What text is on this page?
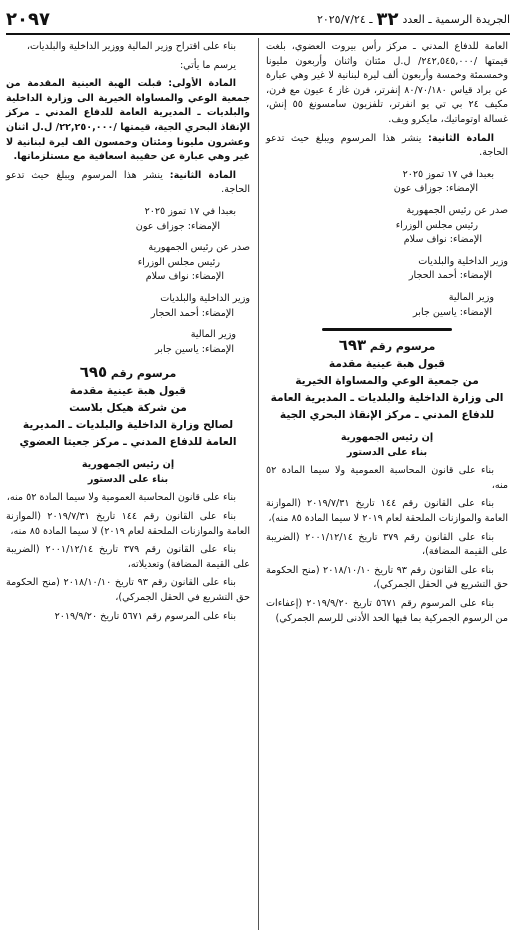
الجريدة الرسمية ـ العدد
٣٢
ـ ٢٠٢٥/٧/٢٤
٢٠٩٧

العامة للدفاع المدني ـ مركز رأس بيروت العضوي، بلغت قيمتها /٢٤٢,٥٤٥,٠٠٠/ ل.ل مئتان واثنان وأربعون مليونا وخمسمئة وخمسة وأربعون ألف ليرة لبنانية لا غير وهي عبارة عن براد قياس ٨٠/٧٠/١٨٠ إنفرتر، فرن غاز ٤ عيون مع فرن، مكيف ٢٤ بي تي يو انفرتر، تلفزيون سامسونغ ٥٥ إنش، غسالة اوتوماتيك، مايكرو ويف.

المادة الثانية: ينشر هذا المرسوم ويبلغ حيث تدعو الحاجة.

بعبدا في ١٧ تموز ٢٠٢٥

الإمضاء: جوزاف عون

صدر عن رئيس الجمهورية

رئيس مجلس الوزراء

الإمضاء: نواف سلام

وزير الداخلية والبلديات

الإمضاء: أحمد الحجار

وزير المالية

الإمضاء: ياسين جابر

مرسوم رقم ٦٩٣
قبول هبة عينية مقدمة
من جمعية الوعي والمساواة الخيرية
الى وزارة الداخلية والبلديات ـ المديرية العامة
للدفاع المدني ـ مركز الإنقاذ البحري الجية
إن رئيس الجمهورية
بناء على الدستور

بناء على قانون المحاسبة العمومية ولا سيما المادة ٥٢ منه،

بناء على القانون رقم ١٤٤ تاريخ ٢٠١٩/٧/٣١ (الموازنة العامة والموازنات الملحقة لعام ٢٠١٩ لا سيما المادة ٨٥ منه)،

بناء على القانون رقم ٣٧٩ تاريخ ٢٠٠١/١٢/١٤ (الضريبة على القيمة المضافة)،

بناء على القانون رقم ٩٣ تاريخ ٢٠١٨/١٠/١٠ (منح الحكومة حق التشريع في الحقل الجمركي)،

بناء على المرسوم رقم ٥٦٧١ تاريخ ٢٠١٩/٩/٢٠ (إعفاءات من الرسوم الجمركية بما فيها الحد الأدنى للرسم الجمركي)

بناء على اقتراح وزير المالية ووزير الداخلية والبلديات،

يرسم ما يأتي:

المادة الأولى: قبلت الهبة العينية المقدمة من جمعية الوعي والمساواة الخيرية الى وزارة الداخلية والبلديات ـ المديرية العامة للدفاع المدني ـ مركز الإنقاذ البحري الجية، قيمتها /٢٢,٢٥٠,٠٠٠/ ل.ل اثنان وعشرون مليونا ومئتان وخمسون الف ليرة لبنانية لا غير وهي عبارة عن حقيبة اسعافية مع مستلزماتها.

المادة الثانية: ينشر هذا المرسوم ويبلغ حيث تدعو الحاجة.

بعبدا في ١٧ تموز ٢٠٢٥

الإمضاء: جوزاف عون

صدر عن رئيس الجمهورية

رئيس مجلس الوزراء

الإمضاء: نواف سلام

وزير الداخلية والبلديات

الإمضاء: أحمد الحجار

وزير المالية

الإمضاء: ياسين جابر

مرسوم رقم ٦٩٥
قبول هبة عينية مقدمة
من شركة هيكل بلاست
لصالح وزارة الداخلية والبلديات ـ المديرية
العامة للدفاع المدني ـ مركز جعيتا العضوي
إن رئيس الجمهورية
بناء على الدستور

بناء على قانون المحاسبة العمومية ولا سيما المادة ٥٢ منه،

بناء على القانون رقم ١٤٤ تاريخ ٢٠١٩/٧/٣١ (الموازنة العامة والموازنات الملحقة لعام ٢٠١٩) لا سيما المادة ٨٥ منه،

بناء على القانون رقم ٣٧٩ تاريخ ٢٠٠١/١٢/١٤ (الضريبة على القيمة المضافة) وتعديلاته،

بناء على القانون رقم ٩٣ تاريخ ٢٠١٨/١٠/١٠ (منح الحكومة حق التشريع في الحقل الجمركي)،

بناء على المرسوم رقم ٥٦٧١ تاريخ ٢٠١٩/٩/٢٠
